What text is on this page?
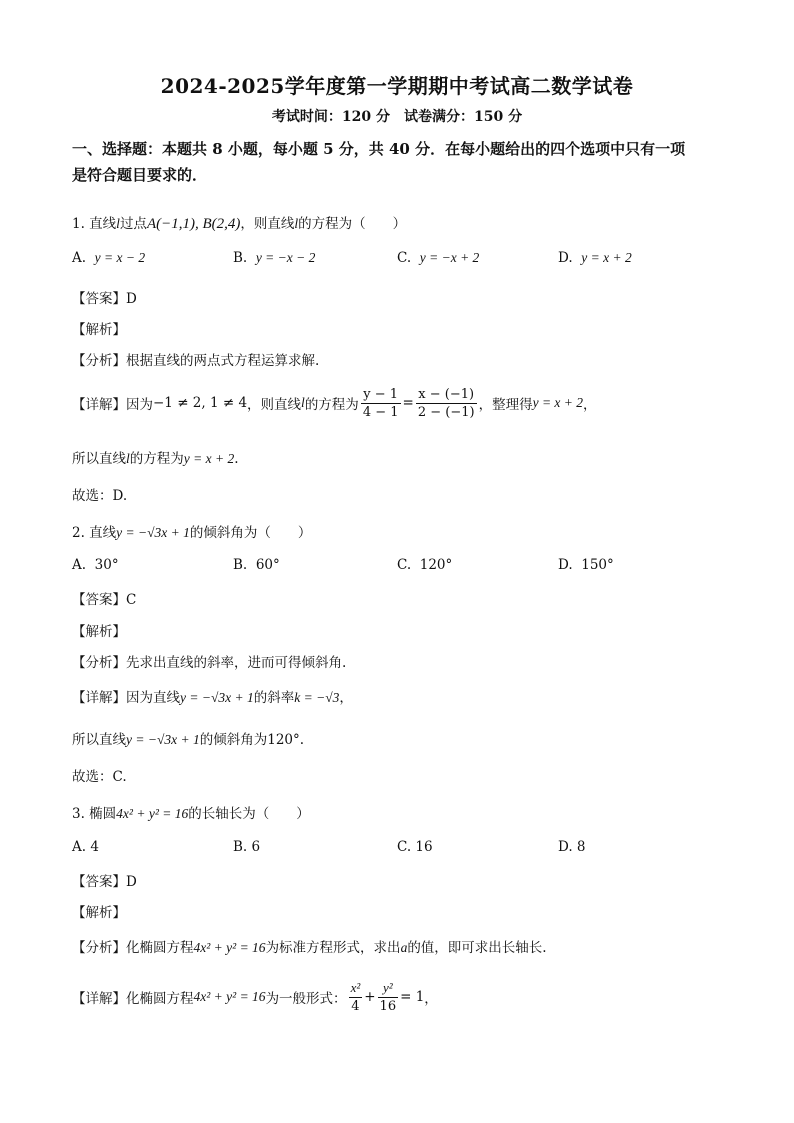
2024-2025学年度第一学期期中考试高二数学试卷
考试时间：120 分　试卷满分：150 分
一、选择题：本题共 8 小题，每小题 5 分，共 40 分．在每小题给出的四个选项中只有一项
是符合题目要求的．
1. 直线l过点A(−1,1), B(2,4)，则直线l的方程为（　　）
A. y = x − 2	B. y = −x − 2	C. y = −x + 2	D. y = x + 2
【答案】D
【解析】
【分析】根据直线的两点式方程运算求解.
【详解】 因为 −1 ≠ 2, 1 ≠ 4 ，则直线 l 的方程为 $\frac{y - 1}{4 - 1} = \frac{x - (-1)}{2 - (-1)}$ ，整理得 y = x + 2 ，
所以直线l的方程为y = x + 2.
故选：D.
2. 直线y = −√3x + 1的倾斜角为（　　）
A. 30°	B. 60°	C. 120°	D. 150°
【答案】C
【解析】
【分析】先求出直线的斜率，进而可得倾斜角.
【详解】因为直线y = −√3x + 1的斜率k = −√3，
所以直线y = −√3x + 1的倾斜角为120°.
故选：C.
3. 椭圆4x² + y² = 16的长轴长为（　　）
A. 4	B. 6	C. 16	D. 8
【答案】D
【解析】
【分析】化椭圆方程4x² + y² = 16为标准方程形式，求出a的值，即可求出长轴长.
【详解】 化椭圆方程 4x² + y² = 16 为一般形式： $\frac{\text{x²}}{4} + \frac{\text{y²}}{16} = 1$ ，
